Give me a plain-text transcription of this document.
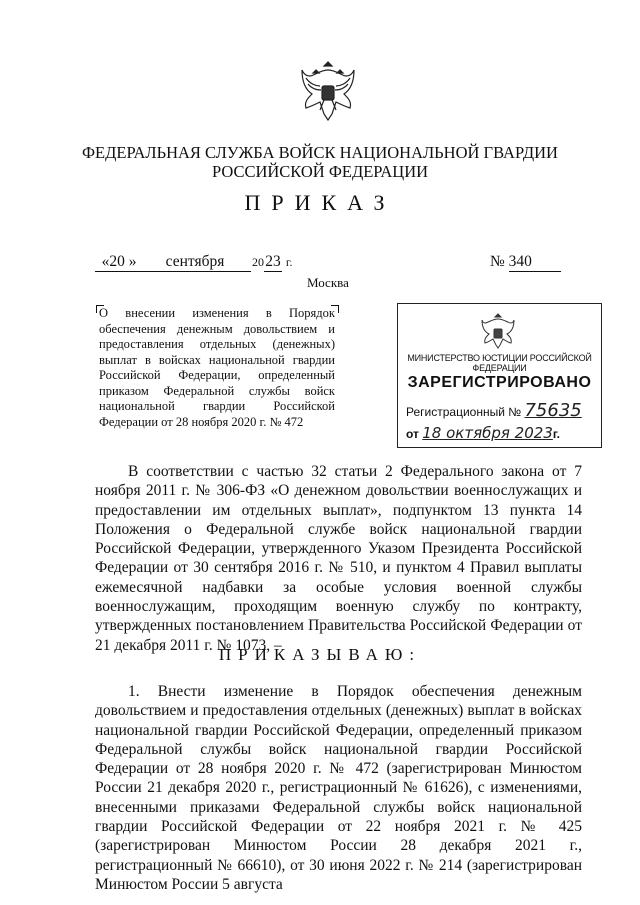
ФЕДЕРАЛЬНАЯ СЛУЖБА ВОЙСК НАЦИОНАЛЬНОЙ ГВАРДИИ
РОССИЙСКОЙ ФЕДЕРАЦИИ
ПРИКАЗ
«20 »	сентября	2023 г.	№ 340
Москва
О внесении изменения в Порядок обеспечения денежным довольствием и предоставления отдельных (денежных) выплат в войсках национальной гвардии Российской Федерации, определенный приказом Федеральной службы войск национальной гвардии Российской Федерации от 28 ноября 2020 г. № 472
МИНИСТЕРСТВО ЮСТИЦИИ РОССИЙСКОЙ ФЕДЕРАЦИИ
ЗАРЕГИСТРИРОВАНО
Регистрационный № 75635
от 18 октября 2023г.
В соответствии с частью 32 статьи 2 Федерального закона от 7 ноября 2011 г. № 306-ФЗ «О денежном довольствии военнослужащих и предоставлении им отдельных выплат», подпунктом 13 пункта 14 Положения о Федеральной службе войск национальной гвардии Российской Федерации, утвержденного Указом Президента Российской Федерации от 30 сентября 2016 г. № 510, и пунктом 4 Правил выплаты ежемесячной надбавки за особые условия военной службы военнослужащим, проходящим военную службу по контракту, утвержденных постановлением Правительства Российской Федерации от 21 декабря 2011 г. № 1073, –
ПРИКАЗЫВАЮ:
1. Внести изменение в Порядок обеспечения денежным довольствием и предоставления отдельных (денежных) выплат в войсках национальной гвардии Российской Федерации, определенный приказом Федеральной службы войск национальной гвардии Российской Федерации от 28 ноября 2020 г. № 472 (зарегистрирован Минюстом России 21 декабря 2020 г., регистрационный № 61626), с изменениями, внесенными приказами Федеральной службы войск национальной гвардии Российской Федерации от 22 ноября 2021 г. № 425 (зарегистрирован Минюстом России 28 декабря 2021 г., регистрационный № 66610), от 30 июня 2022 г. № 214 (зарегистрирован Минюстом России 5 августа
